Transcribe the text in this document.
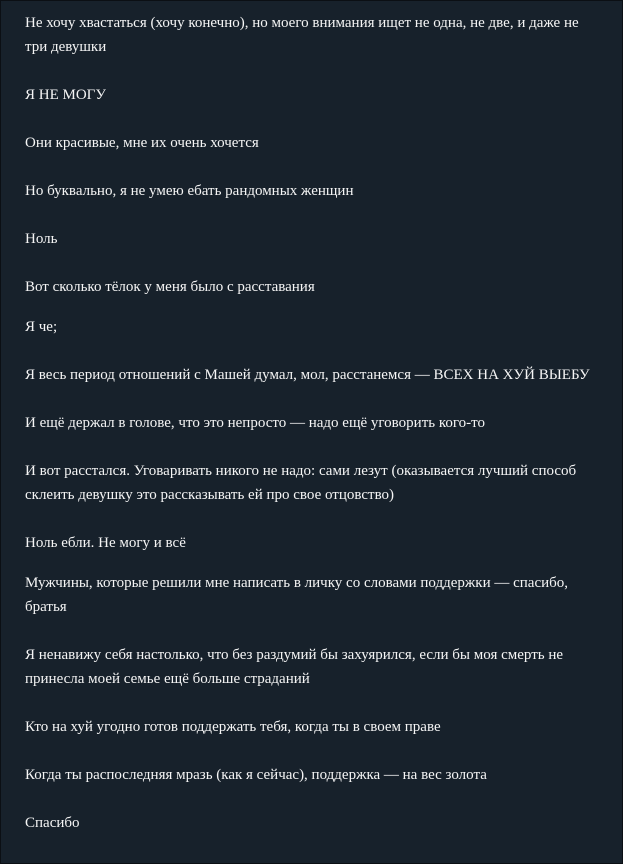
Не хочу хвастаться (хочу конечно), но моего внимания ищет не одна, не две, и даже не три девушки

Я НЕ МОГУ

Они красивые, мне их очень хочется

Но буквально, я не умею ебать рандомных женщин

Ноль

Вот сколько тёлок у меня было с расставания

Я че;

Я весь период отношений с Машей думал, мол, расстанемся — ВСЕХ НА ХУЙ ВЫЕБУ

И ещё держал в голове, что это непросто — надо ещё уговорить кого-то

И вот расстался. Уговаривать никого не надо: сами лезут (оказывается лучший способ склеить девушку это рассказывать ей про свое отцовство)

Ноль ебли. Не могу и всё

Мужчины, которые решили мне написать в личку со словами поддержки — спасибо, братья

Я ненавижу себя настолько, что без раздумий бы захуярился, если бы моя смерть не принесла моей семье ещё больше страданий

Кто на хуй угодно готов поддержать тебя, когда ты в своем праве

Когда ты распоследняя мразь (как я сейчас), поддержка — на вес золота

Спасибо
